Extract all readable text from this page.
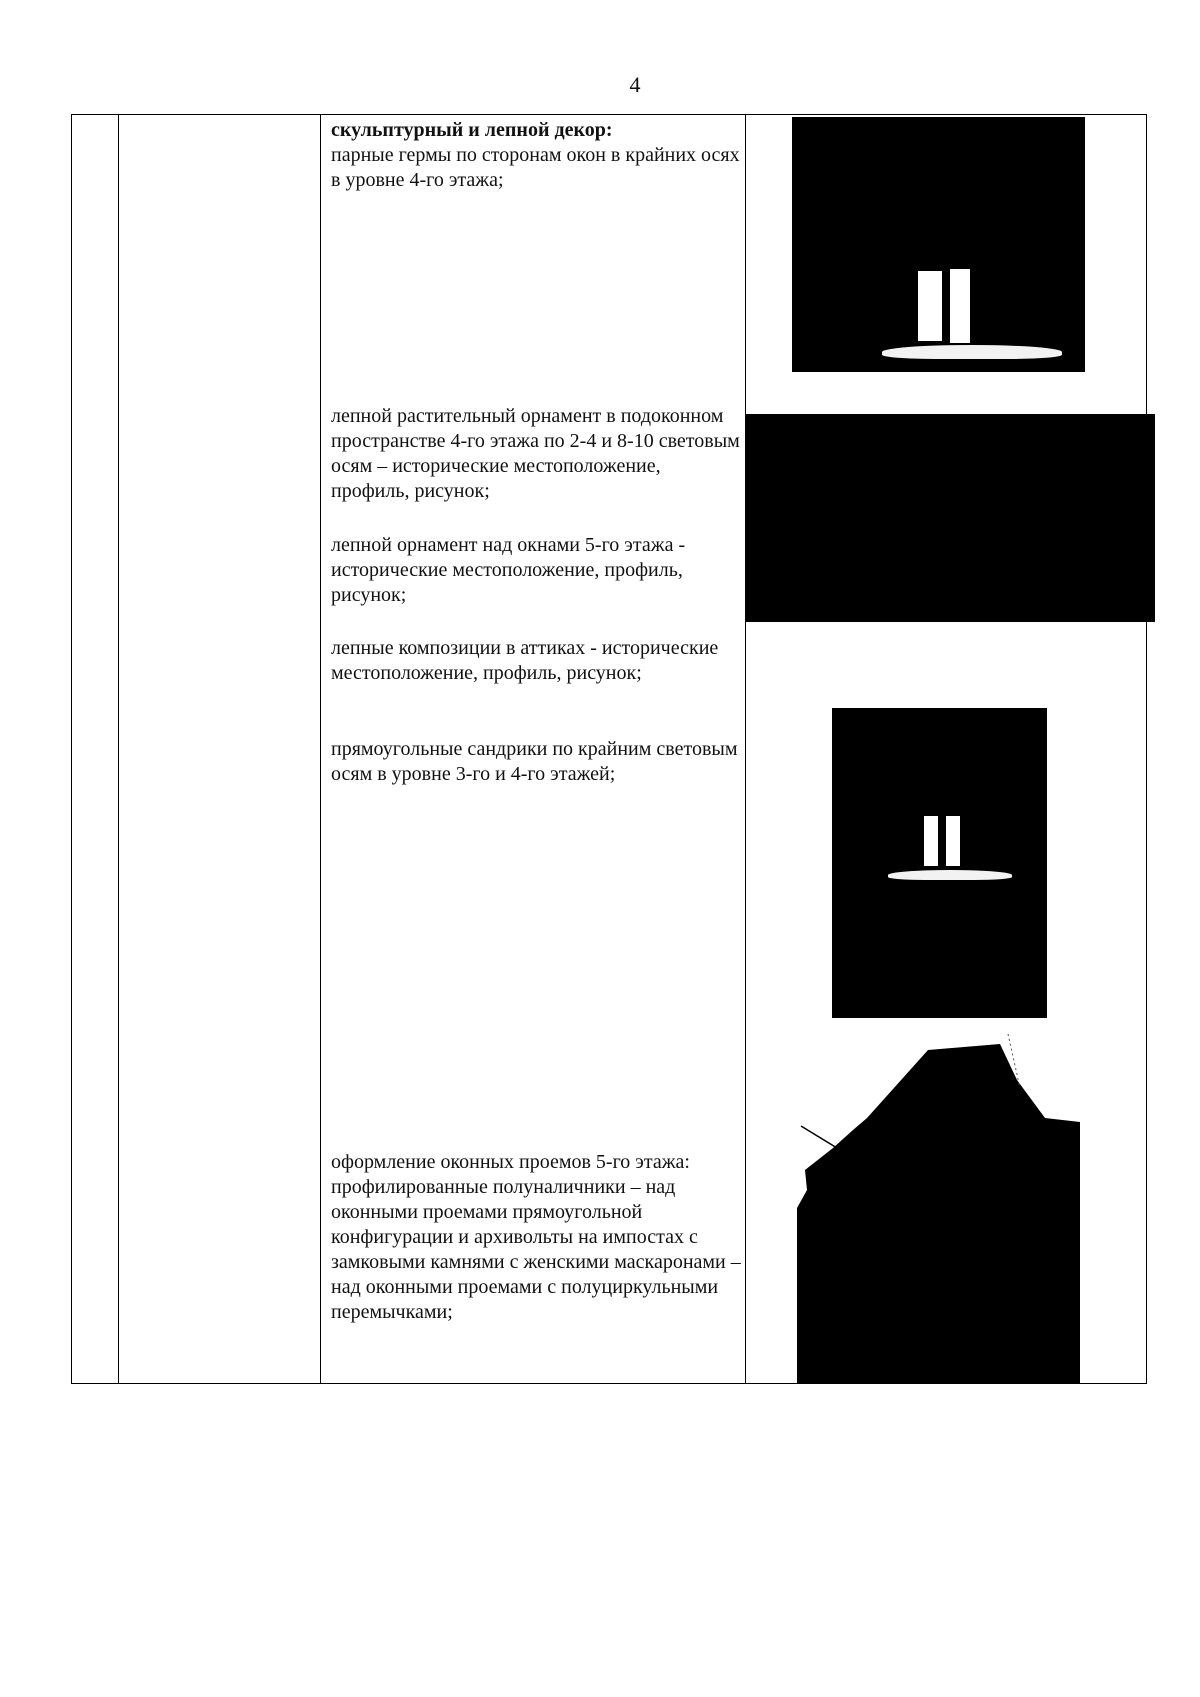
4

скульптурный и лепной декор:
парные гермы по сторонам окон в крайних осях в уровне 4-го этажа;

лепной растительный орнамент в подоконном пространстве 4-го этажа по 2-4 и 8-10 световым осям – исторические местоположение, профиль, рисунок;

лепной орнамент над окнами 5-го этажа - исторические местоположение, профиль, рисунок;

лепные композиции в аттиках - исторические местоположение, профиль, рисунок;

прямоугольные сандрики по крайним световым осям в уровне 3-го и 4-го этажей;

оформление оконных проемов 5-го этажа: профилированные полуналичники – над оконными проемами прямоугольной конфигурации и архивольты на импостах с замковыми камнями с женскими маскаронами – над оконными проемами с полуциркульными перемычками;
